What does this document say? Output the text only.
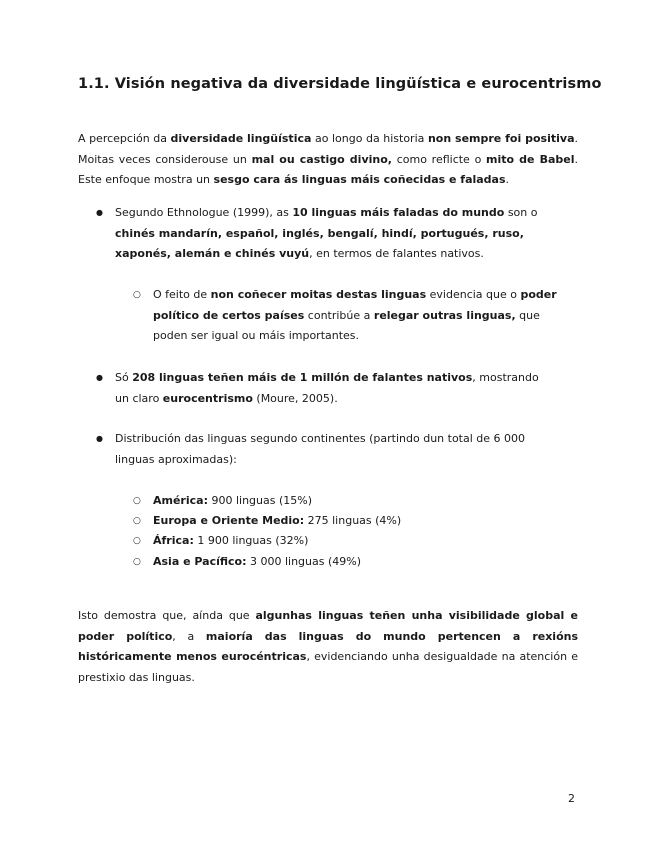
1.1. Visión negativa da diversidade lingüística e eurocentrismo

A percepción da diversidade lingüística ao longo da historia non sempre foi positiva. Moitas veces considerouse un mal ou castigo divino, como reflicte o mito de Babel. Este enfoque mostra un sesgo cara ás linguas máis coñecidas e faladas.

● Segundo Ethnologue (1999), as 10 linguas máis faladas do mundo son o chinés mandarín, español, inglés, bengalí, hindí, portugués, ruso, xaponés, alemán e chinés vuyú, en termos de falantes nativos.
○ O feito de non coñecer moitas destas linguas evidencia que o poder político de certos países contribúe a relegar outras linguas, que poden ser igual ou máis importantes.
● Só 208 linguas teñen máis de 1 millón de falantes nativos, mostrando un claro eurocentrismo (Moure, 2005).
● Distribución das linguas segundo continentes (partindo dun total de 6 000 linguas aproximadas):
○ América: 900 linguas (15%)
○ Europa e Oriente Medio: 275 linguas (4%)
○ África: 1 900 linguas (32%)
○ Asia e Pacífico: 3 000 linguas (49%)

Isto demostra que, aínda que algunhas linguas teñen unha visibilidade global e poder político, a maioría das linguas do mundo pertencen a rexións históricamente menos eurocéntricas, evidenciando unha desigualdade na atención e prestixio das linguas.

2
